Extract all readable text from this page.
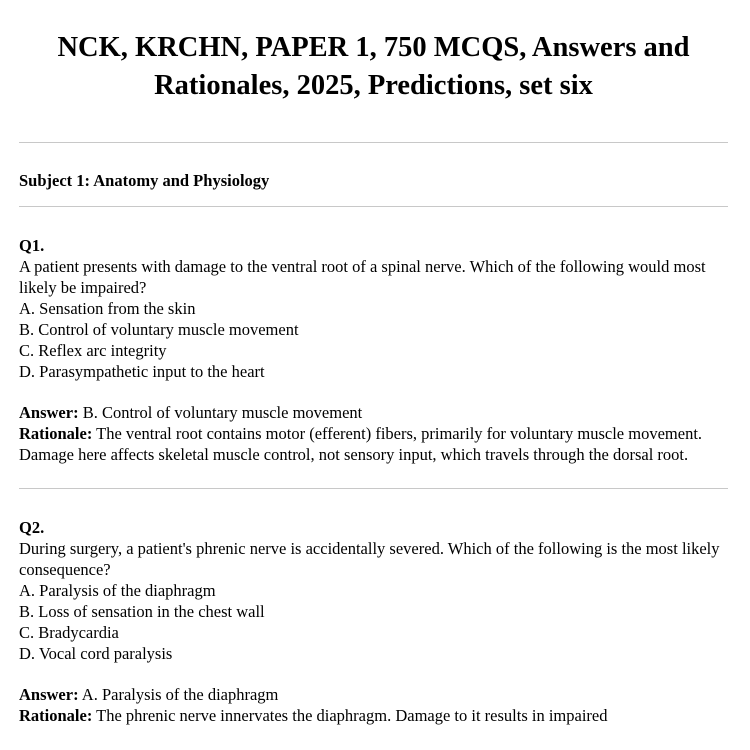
NCK, KRCHN, PAPER 1, 750 MCQS, Answers and Rationales, 2025, Predictions, set six
Subject 1: Anatomy and Physiology
Q1.
A patient presents with damage to the ventral root of a spinal nerve. Which of the following would most likely be impaired?
A. Sensation from the skin
B. Control of voluntary muscle movement
C. Reflex arc integrity
D. Parasympathetic input to the heart
Answer: B. Control of voluntary muscle movement
Rationale: The ventral root contains motor (efferent) fibers, primarily for voluntary muscle movement. Damage here affects skeletal muscle control, not sensory input, which travels through the dorsal root.
Q2.
During surgery, a patient's phrenic nerve is accidentally severed. Which of the following is the most likely consequence?
A. Paralysis of the diaphragm
B. Loss of sensation in the chest wall
C. Bradycardia
D. Vocal cord paralysis
Answer: A. Paralysis of the diaphragm
Rationale: The phrenic nerve innervates the diaphragm. Damage to it results in impaired
